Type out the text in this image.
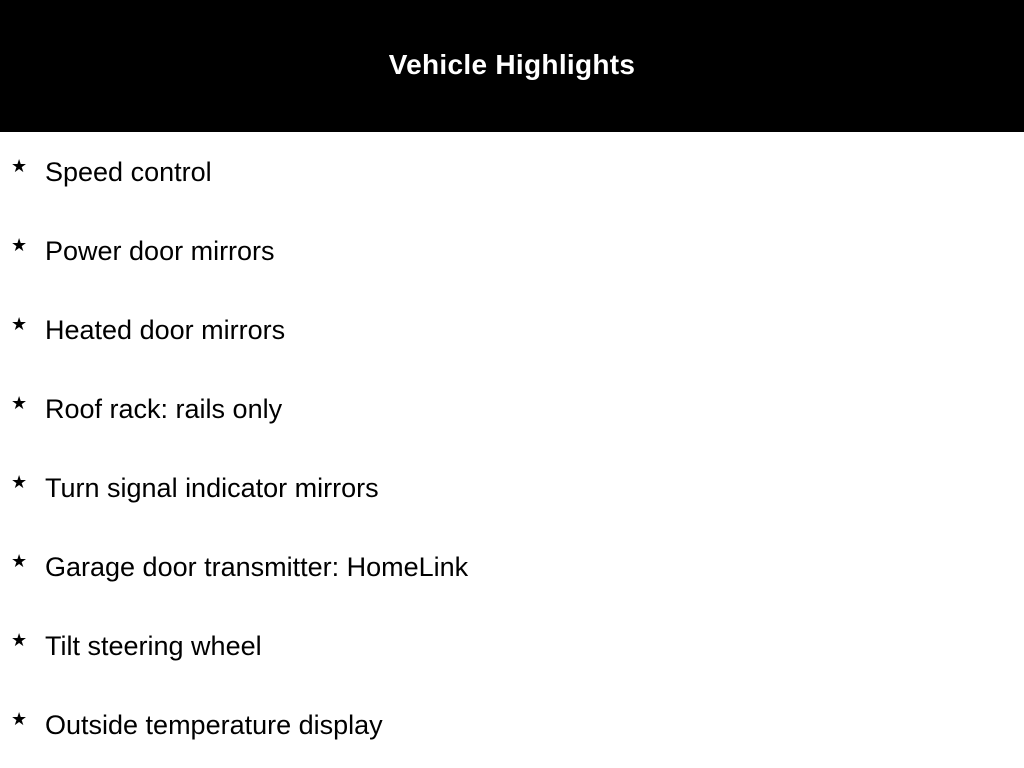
Vehicle Highlights
★ Speed control
★ Power door mirrors
★ Heated door mirrors
★ Roof rack: rails only
★ Turn signal indicator mirrors
★ Garage door transmitter: HomeLink
★ Tilt steering wheel
★ Outside temperature display
